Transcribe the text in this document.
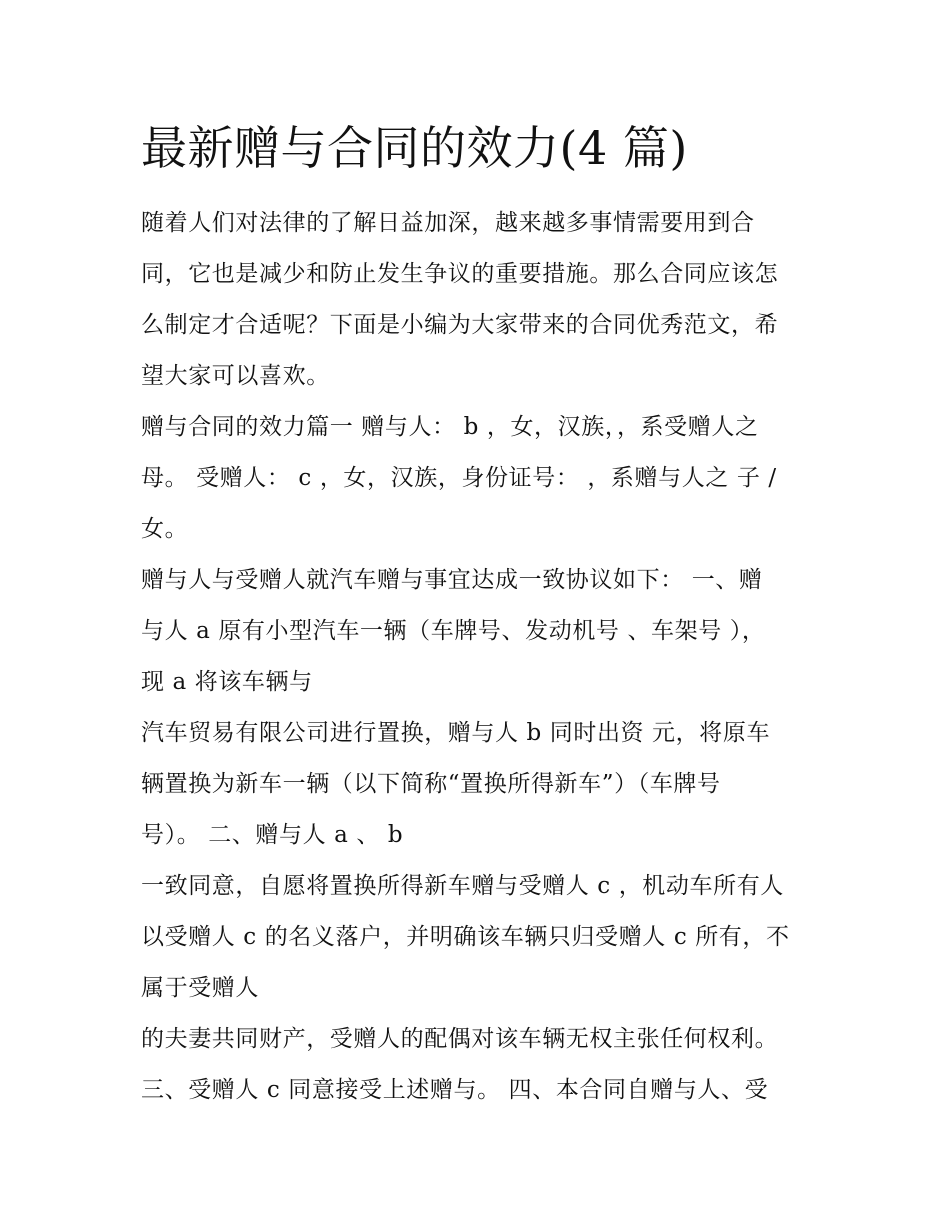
最新赠与合同的效力(4 篇)
随着人们对法律的了解日益加深，越来越多事情需要用到合
同，它也是减少和防止发生争议的重要措施。那么合同应该怎
么制定才合适呢？下面是小编为大家带来的合同优秀范文，希
望大家可以喜欢。
赠与合同的效力篇一 赠与人： b ，女，汉族，，系受赠人之
母。 受赠人： c ，女，汉族，身份证号： ，系赠与人之 子 /
女。
赠与人与受赠人就汽车赠与事宜达成一致协议如下： 一、赠
与人 a 原有小型汽车一辆（车牌号、发动机号 、车架号 ），
现 a 将该车辆与
汽车贸易有限公司进行置换，赠与人 b 同时出资 元，将原车
辆置换为新车一辆（以下简称“置换所得新车”）（车牌号
号）。 二、赠与人 a 、 b
一致同意，自愿将置换所得新车赠与受赠人 c ，机动车所有人
以受赠人 c 的名义落户，并明确该车辆只归受赠人 c 所有，不
属于受赠人
的夫妻共同财产，受赠人的配偶对该车辆无权主张任何权利。
三、受赠人 c 同意接受上述赠与。 四、本合同自赠与人、受
